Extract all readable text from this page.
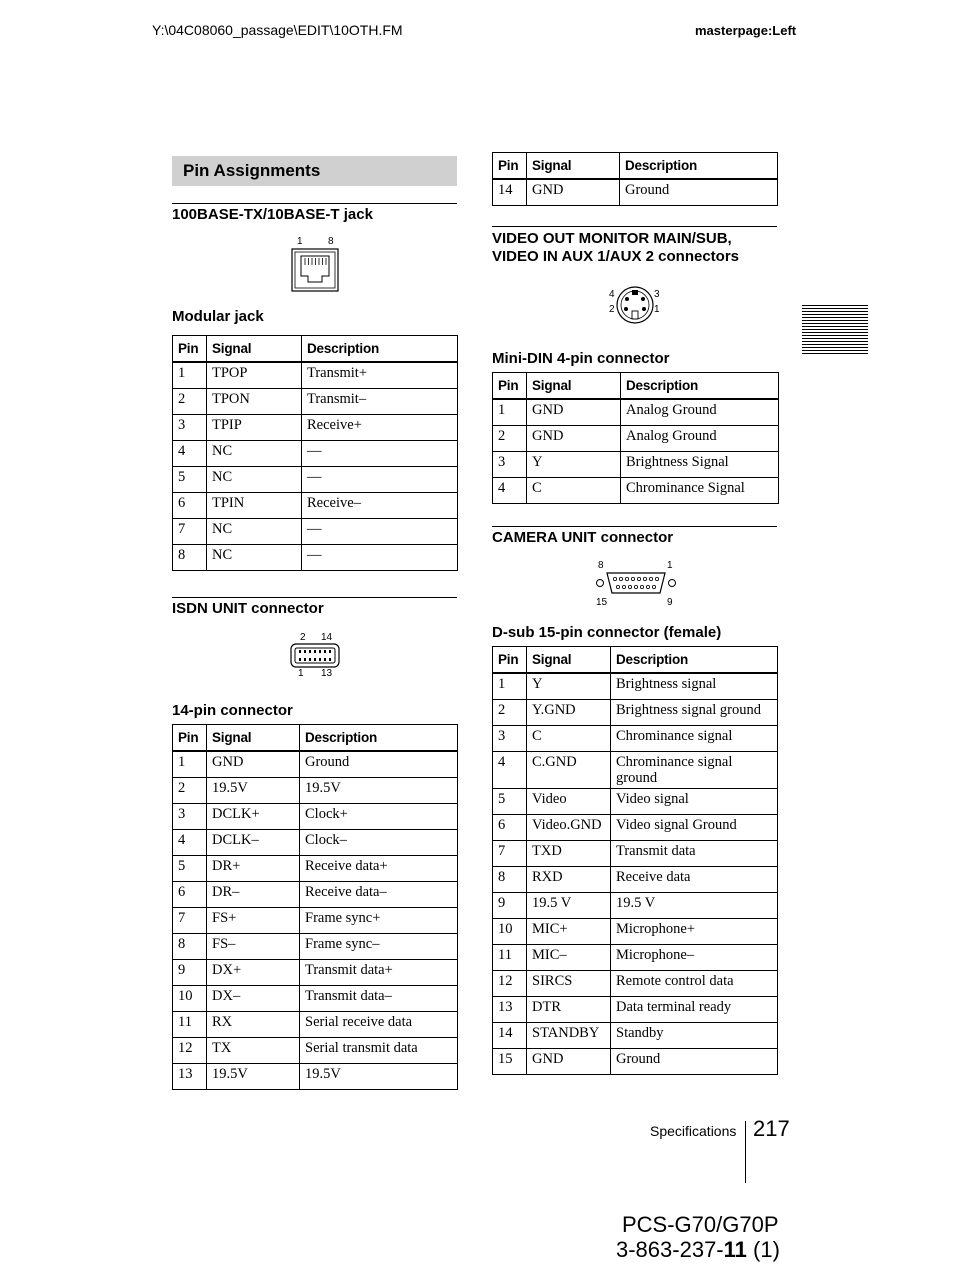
Y:\04C08060_passage\EDIT\10OTH.FM	masterpage:Left
Pin Assignments
100BASE-TX/10BASE-T jack
1	8
Modular jack
Pin	Signal	Description
1	TPOP	Transmit+
2	TPON	Transmit–
3	TPIP	Receive+
4	NC	—
5	NC	—
6	TPIN	Receive–
7	NC	—
8	NC	—
ISDN UNIT connector
2 14
1 13
14-pin connector
Pin	Signal	Description
1	GND	Ground
2	19.5V	19.5V
3	DCLK+	Clock+
4	DCLK–	Clock–
5	DR+	Receive data+
6	DR–	Receive data–
7	FS+	Frame sync+
8	FS–	Frame sync–
9	DX+	Transmit data+
10	DX–	Transmit data–
11	RX	Serial receive data
12	TX	Serial transmit data
13	19.5V	19.5V
Pin	Signal	Description
14	GND	Ground
VIDEO OUT MONITOR MAIN/SUB,
VIDEO IN AUX 1/AUX 2 connectors
4	3
2	1
Mini-DIN 4-pin connector
Pin	Signal	Description
1	GND	Analog Ground
2	GND	Analog Ground
3	Y	Brightness Signal
4	C	Chrominance Signal
CAMERA UNIT connector
8	1
15	9
D-sub 15-pin connector (female)
Pin	Signal	Description
1	Y	Brightness signal
2	Y.GND	Brightness signal ground
3	C	Chrominance signal
4	C.GND	Chrominance signal ground
5	Video	Video signal
6	Video.GND	Video signal Ground
7	TXD	Transmit data
8	RXD	Receive data
9	19.5 V	19.5 V
10	MIC+	Microphone+
11	MIC–	Microphone–
12	SIRCS	Remote control data
13	DTR	Data terminal ready
14	STANDBY	Standby
15	GND	Ground
Specifications 217
PCS-G70/G70P
3-863-237-11 (1)
